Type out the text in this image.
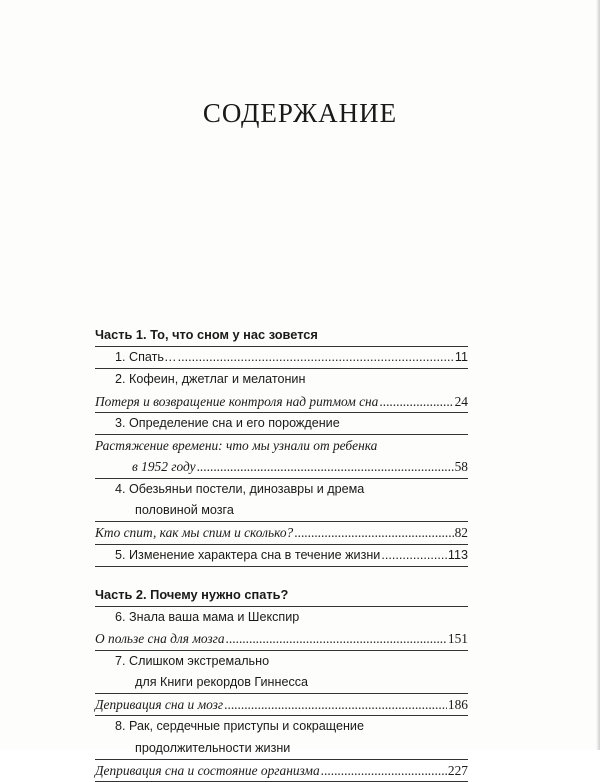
СОДЕРЖАНИЕ
Часть 1. То, что сном у нас зовется
1. Спать… .....	11
2. Кофеин, джетлаг и мелатонин
Потеря и возвращение контроля над ритмом сна .....	24
3. Определение сна и его порождение
Растяжение времени: что мы узнали от ребенка
в 1952 году .....	58
4. Обезьяньи постели, динозавры и дрема
половиной мозга
Кто спит, как мы спим и сколько? .....	82
5. Изменение характера сна в течение жизни .....	113
Часть 2. Почему нужно спать?
6. Знала ваша мама и Шекспир
О пользе сна для мозга .....	151
7. Слишком экстремально
для Книги рекордов Гиннесса
Депривация сна и мозг .....	186
8. Рак, сердечные приступы и сокращение
продолжительности жизни
Депривация сна и состояние организма .....	227
